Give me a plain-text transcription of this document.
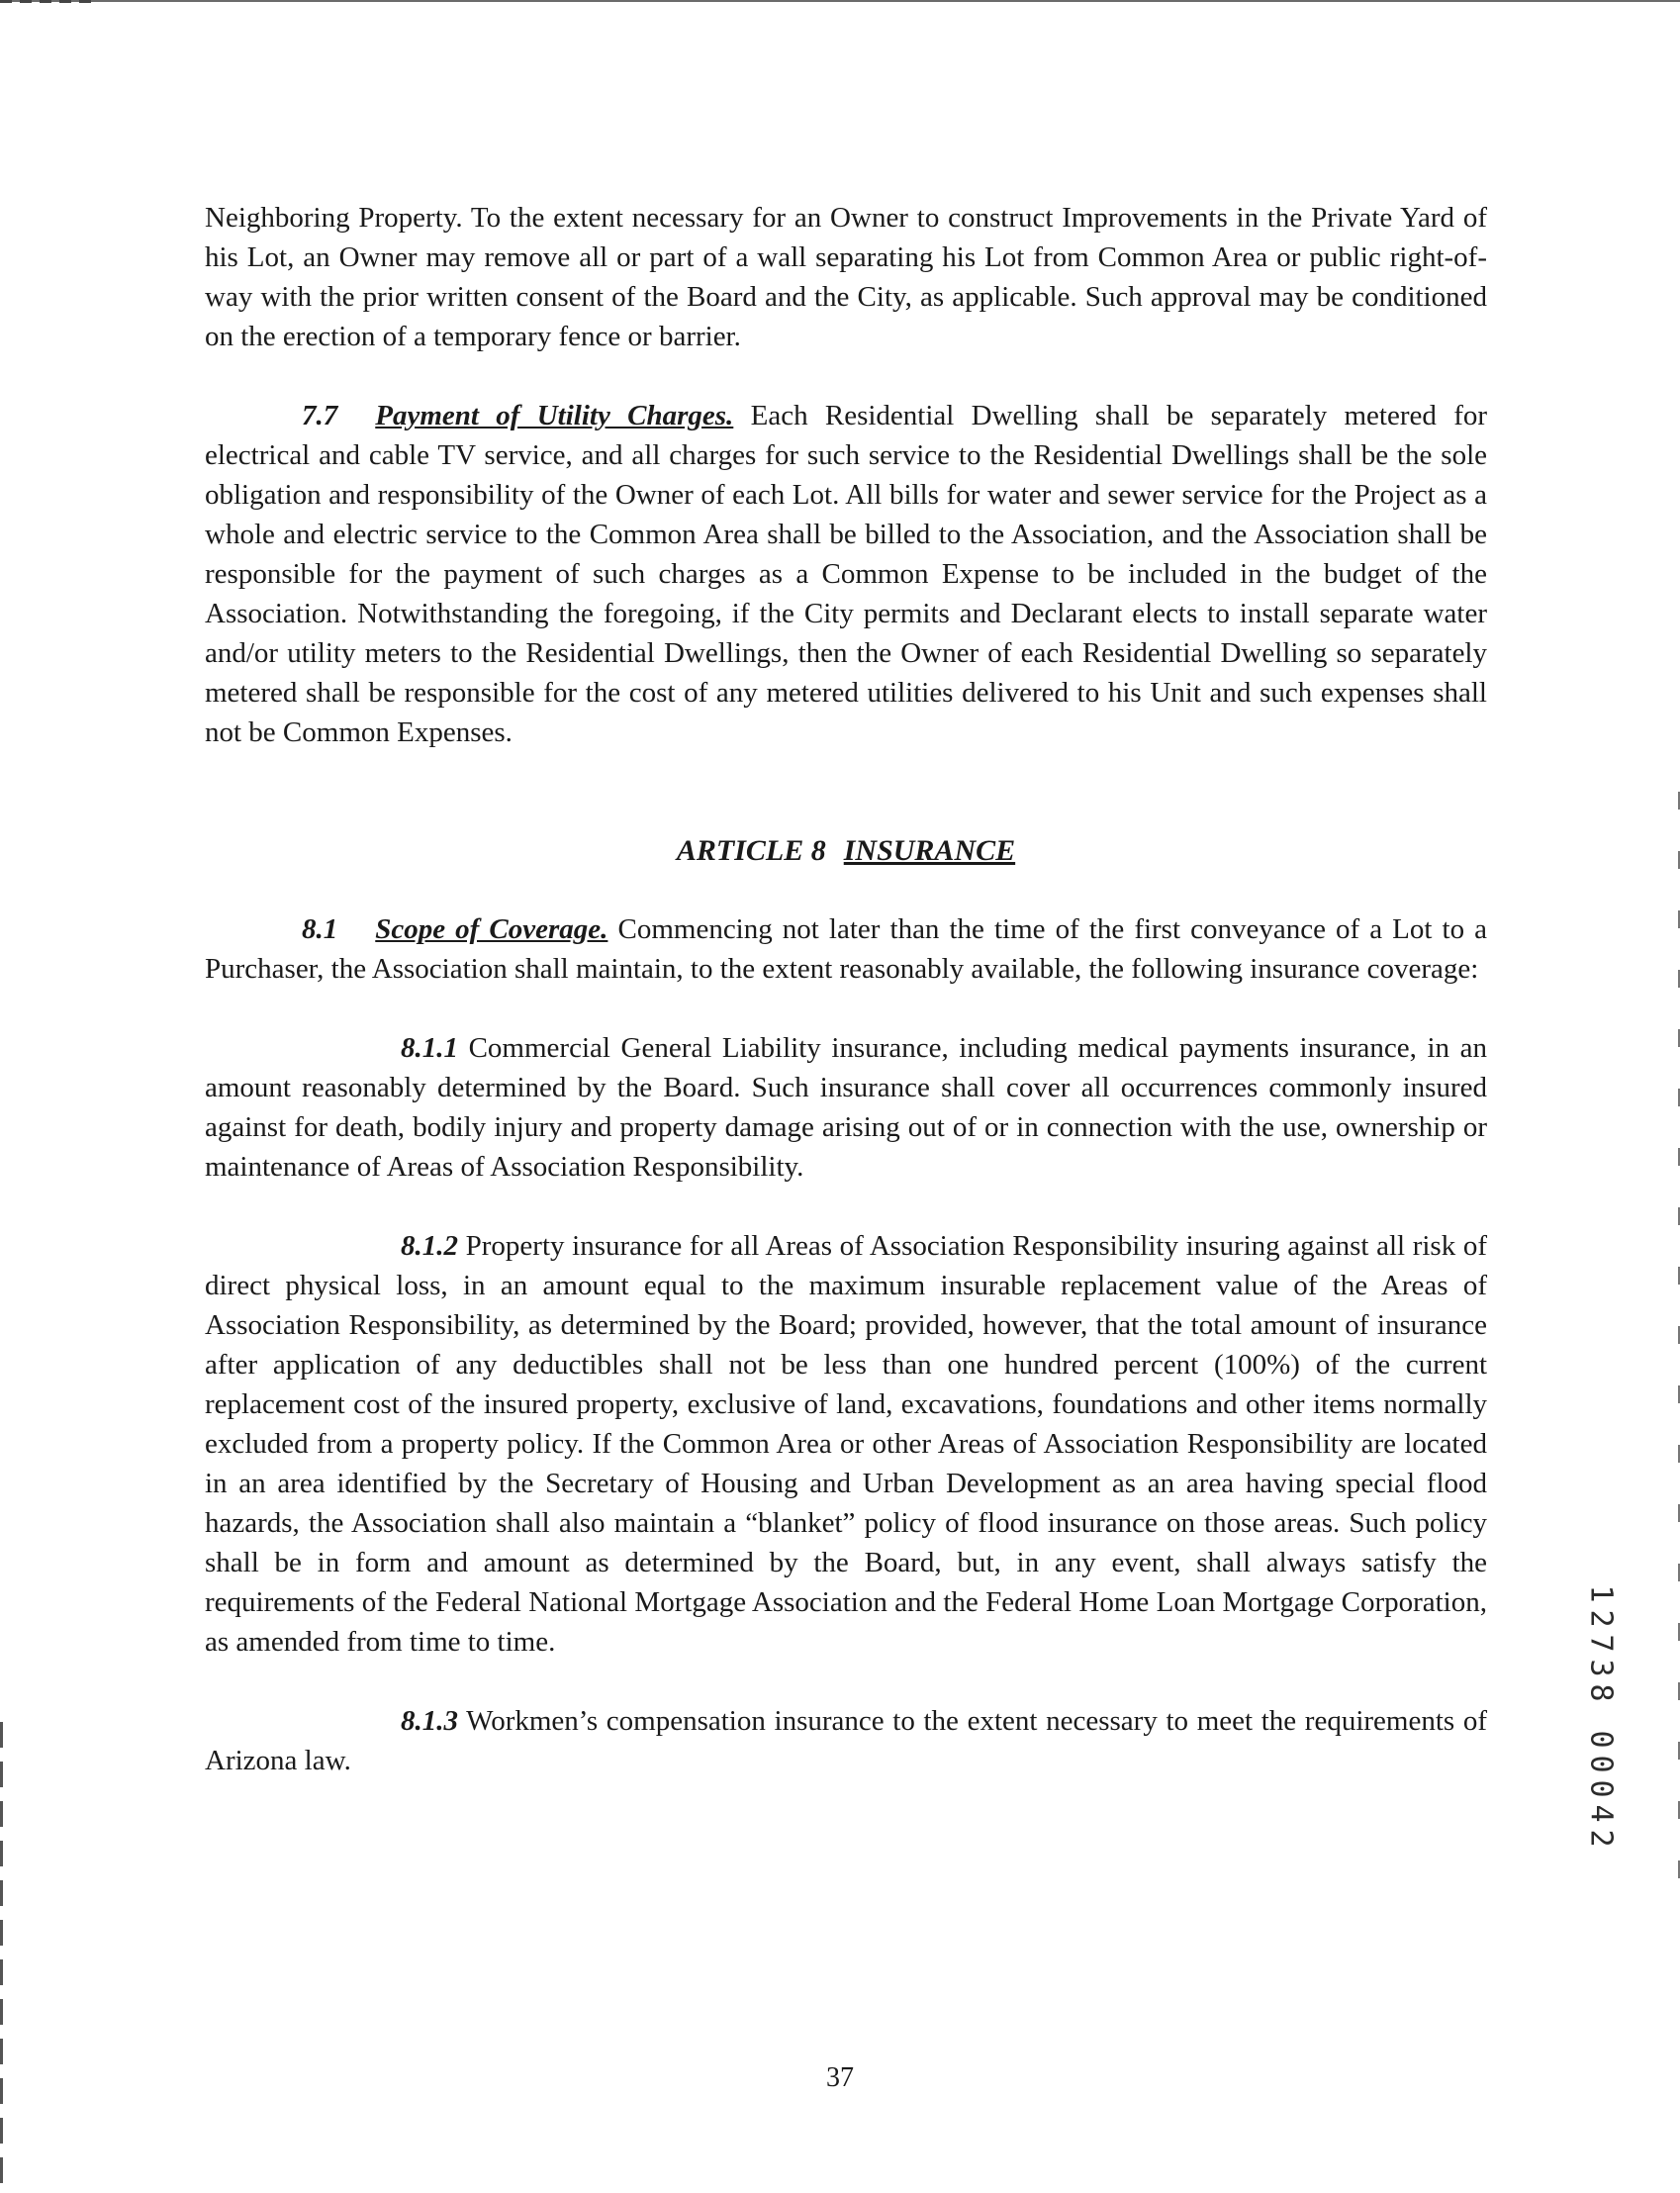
Neighboring Property. To the extent necessary for an Owner to construct Improvements in the Private Yard of his Lot, an Owner may remove all or part of a wall separating his Lot from Common Area or public right-of-way with the prior written consent of the Board and the City, as applicable. Such approval may be conditioned on the erection of a temporary fence or barrier.

7.7 Payment of Utility Charges. Each Residential Dwelling shall be separately metered for electrical and cable TV service, and all charges for such service to the Residential Dwellings shall be the sole obligation and responsibility of the Owner of each Lot. All bills for water and sewer service for the Project as a whole and electric service to the Common Area shall be billed to the Association, and the Association shall be responsible for the payment of such charges as a Common Expense to be included in the budget of the Association. Notwithstanding the foregoing, if the City permits and Declarant elects to install separate water and/or utility meters to the Residential Dwellings, then the Owner of each Residential Dwelling so separately metered shall be responsible for the cost of any metered utilities delivered to his Unit and such expenses shall not be Common Expenses.

ARTICLE 8 INSURANCE

8.1 Scope of Coverage. Commencing not later than the time of the first conveyance of a Lot to a Purchaser, the Association shall maintain, to the extent reasonably available, the following insurance coverage:

8.1.1 Commercial General Liability insurance, including medical payments insurance, in an amount reasonably determined by the Board. Such insurance shall cover all occurrences commonly insured against for death, bodily injury and property damage arising out of or in connection with the use, ownership or maintenance of Areas of Association Responsibility.

8.1.2 Property insurance for all Areas of Association Responsibility insuring against all risk of direct physical loss, in an amount equal to the maximum insurable replacement value of the Areas of Association Responsibility, as determined by the Board; provided, however, that the total amount of insurance after application of any deductibles shall not be less than one hundred percent (100%) of the current replacement cost of the insured property, exclusive of land, excavations, foundations and other items normally excluded from a property policy. If the Common Area or other Areas of Association Responsibility are located in an area identified by the Secretary of Housing and Urban Development as an area having special flood hazards, the Association shall also maintain a “blanket” policy of flood insurance on those areas. Such policy shall be in form and amount as determined by the Board, but, in any event, shall always satisfy the requirements of the Federal National Mortgage Association and the Federal Home Loan Mortgage Corporation, as amended from time to time.

8.1.3 Workmen’s compensation insurance to the extent necessary to meet the requirements of Arizona law.

1
2
7
3
8
0
0
0
4
2
37
